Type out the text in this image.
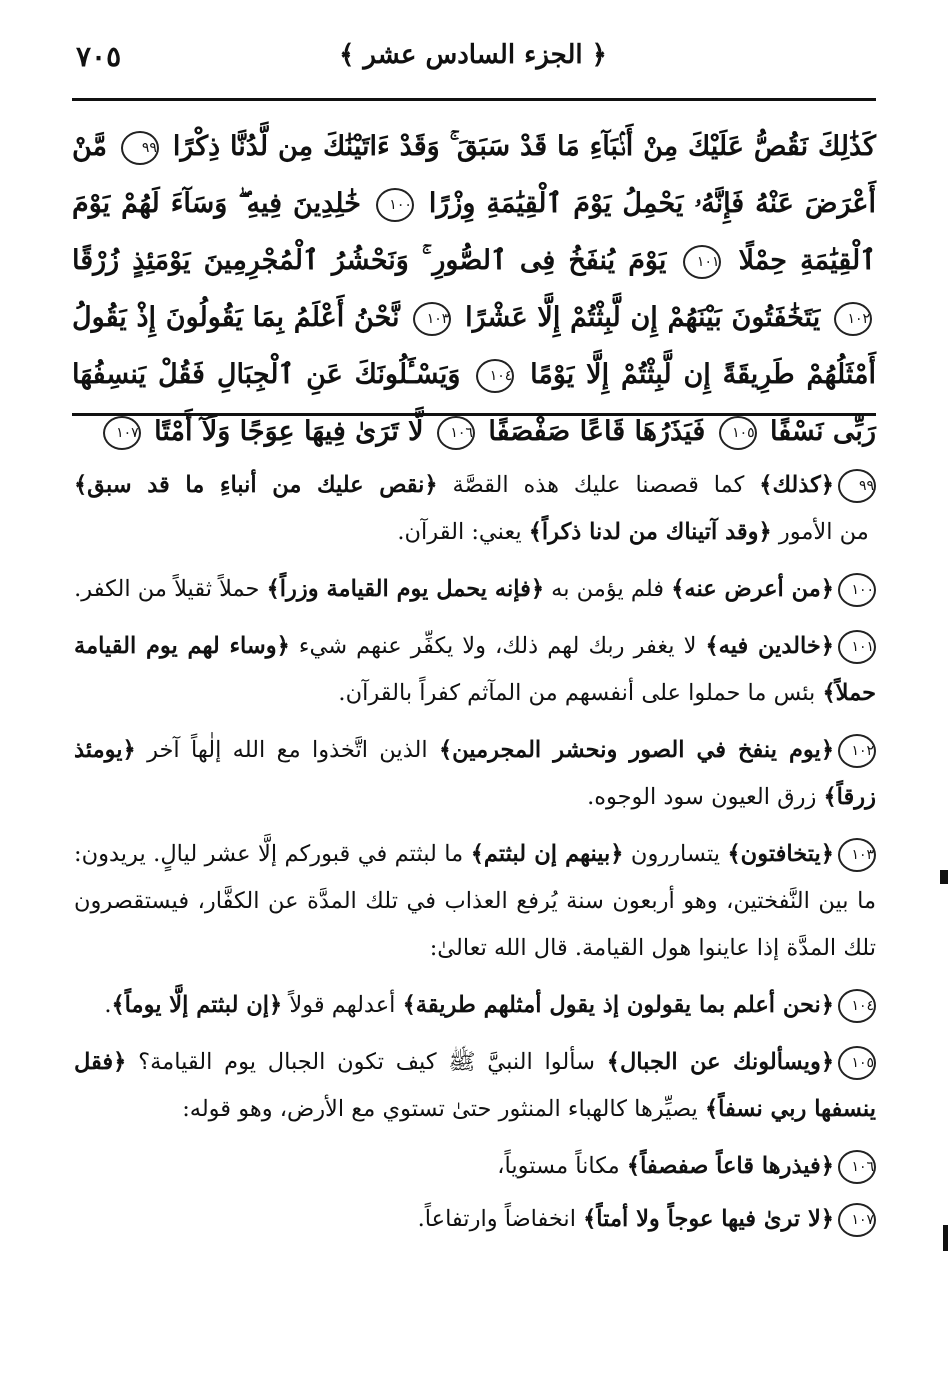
٧٠٥	﴿ الجزء السادس عشر ﴾
كَذَٰلِكَ نَقُصُّ عَلَيْكَ مِنْ أَنۢبَآءِ مَا قَدْ سَبَقَ ۚ وَقَدْ ءَاتَيْنَٰكَ مِن لَّدُنَّا ذِكْرًا ٩٩ مَّنْ أَعْرَضَ عَنْهُ فَإِنَّهُۥ يَحْمِلُ يَوْمَ ٱلْقِيَٰمَةِ وِزْرًا ١٠٠ خَٰلِدِينَ فِيهِ ۖ وَسَآءَ لَهُمْ يَوْمَ ٱلْقِيَٰمَةِ حِمْلًا ١٠١ يَوْمَ يُنفَخُ فِى ٱلصُّورِ ۚ وَنَحْشُرُ ٱلْمُجْرِمِينَ يَوْمَئِذٍ زُرْقًا ١٠٢ يَتَخَٰفَتُونَ بَيْنَهُمْ إِن لَّبِثْتُمْ إِلَّا عَشْرًا ١٠٣ نَّحْنُ أَعْلَمُ بِمَا يَقُولُونَ إِذْ يَقُولُ أَمْثَلُهُمْ طَرِيقَةً إِن لَّبِثْتُمْ إِلَّا يَوْمًا ١٠٤ وَيَسْـَٔلُونَكَ عَنِ ٱلْجِبَالِ فَقُلْ يَنسِفُهَا رَبِّى نَسْفًا ١٠٥ فَيَذَرُهَا قَاعًا صَفْصَفًا ١٠٦ لَّا تَرَىٰ فِيهَا عِوَجًا وَلَآ أَمْتًا ١٠٧
٩٩﴿كذلك﴾ كما قصصنا عليك هذه القصَّة ﴿نقص عليك من أنباءِ ما قد سبق﴾ من الأمور ﴿وقد آتيناك من لدنا ذكراً﴾ يعني: القرآن.
١٠٠﴿من أعرض عنه﴾ فلم يؤمن به ﴿فإنه يحمل يوم القيامة وزراً﴾ حملاً ثقيلاً من الكفر.
١٠١﴿خالدين فيه﴾ لا يغفر ربك لهم ذلك، ولا يكفِّر عنهم شيء ﴿وساء لهم يوم القيامة حملاً﴾ بئس ما حملوا على أنفسهم من المآثم كفراً بالقرآن.
١٠٢﴿يوم ينفخ في الصور ونحشر المجرمين﴾ الذين اتَّخذوا مع الله إلٰهاً آخر ﴿يومئذ زرقاً﴾ زرق العيون سود الوجوه.
١٠٣﴿يتخافتون﴾ يتساررون ﴿بينهم إن لبثتم﴾ ما لبثتم في قبوركم إلَّا عشر ليالٍ. يريدون: ما بين النَّفختين، وهو أربعون سنة يُرفع العذاب في تلك المدَّة عن الكفَّار، فيستقصرون تلك المدَّة إذا عاينوا هول القيامة. قال الله تعالىٰ:
١٠٤﴿نحن أعلم بما يقولون إذ يقول أمثلهم طريقة﴾ أعدلهم قولاً ﴿إن لبثتم إلَّا يوماً﴾.
١٠٥﴿ويسألونك عن الجبال﴾ سألوا النبيَّ ﷺ كيف تكون الجبال يوم القيامة؟ ﴿فقل ينسفها ربي نسفاً﴾ يصيِّرها كالهباء المنثور حتىٰ تستوي مع الأرض، وهو قوله:
١٠٦﴿فيذرها قاعاً صفصفاً﴾ مكاناً مستوياً،
١٠٧﴿لا ترىٰ فيها عوجاً ولا أمتاً﴾ انخفاضاً وارتفاعاً.
